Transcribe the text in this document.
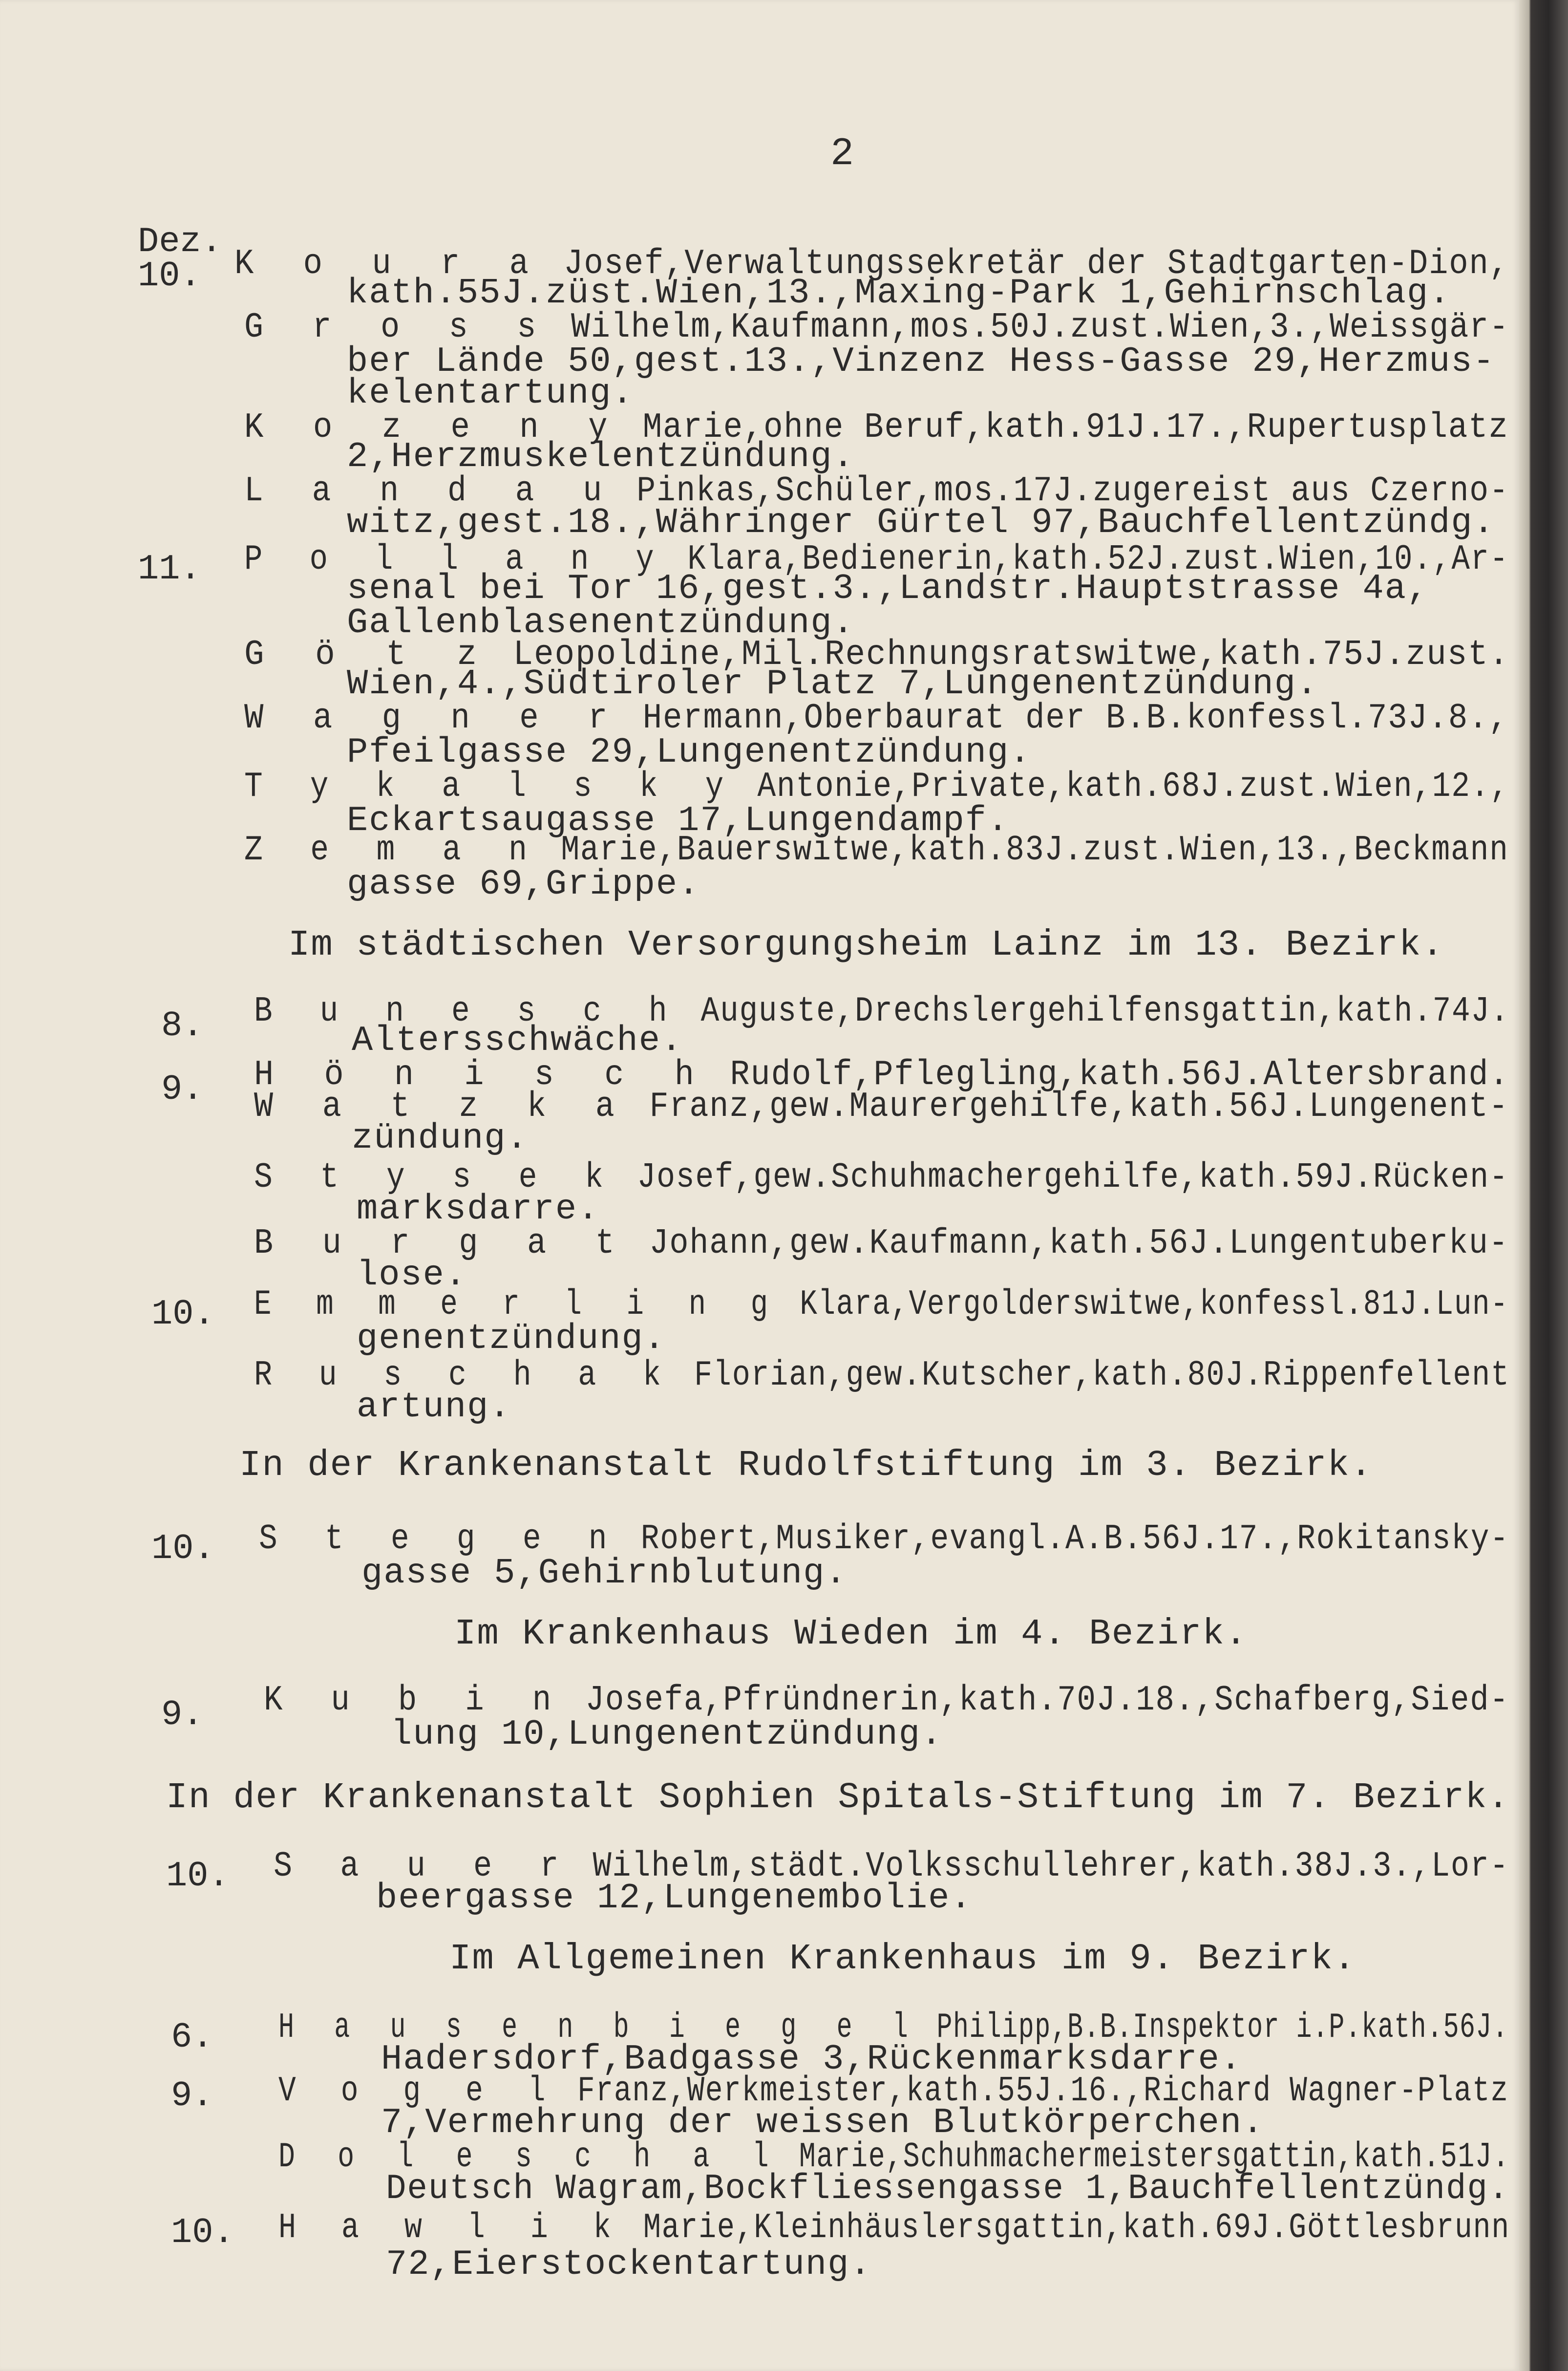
2
Dez.
10. K o u r a Josef,Verwaltungssekretär der Stadtgarten-Dion,
kath.55J.züst.Wien,13.,Maxing-Park 1,Gehirnschlag.
G r o s s Wilhelm,Kaufmann,mos.50J.zust.Wien,3.,Weissgär-
ber Lände 50,gest.13.,Vinzenz Hess-Gasse 29,Herzmus-
kelentartung.
K o z e n y Marie,ohne Beruf,kath.91J.17.,Rupertusplatz
2,Herzmuskelentzündung.
L a n d a u Pinkas,Schüler,mos.17J.zugereist aus Czerno-
witz,gest.18.,Währinger Gürtel 97,Bauchfellentzündg.
11. P o l l a n y Klara,Bedienerin,kath.52J.zust.Wien,10.,Ar-
senal bei Tor 16,gest.3.,Landstr.Hauptstrasse 4a,
Gallenblasenentzündung.
G ö t z Leopoldine,Mil.Rechnungsratswitwe,kath.75J.zust.
Wien,4.,Südtiroler Platz 7,Lungenentzündung.
W a g n e r Hermann,Oberbaurat der B.B.konfessl.73J.8.,
Pfeilgasse 29,Lungenentzündung.
T y k a l s k y Antonie,Private,kath.68J.zust.Wien,12.,
Eckartsaugasse 17,Lungendampf.
Z e m a n Marie,Bauerswitwe,kath.83J.zust.Wien,13.,Beckmann
gasse 69,Grippe.
Im städtischen Versorgungsheim Lainz im 13. Bezirk.
8. B u n e s c h Auguste,Drechslergehilfensgattin,kath.74J.
Altersschwäche.
9. H ö n i s c h Rudolf,Pflegling,kath.56J.Altersbrand.
W a t z k a Franz,gew.Maurergehilfe,kath.56J.Lungenent-
zündung.
S t y s e k Josef,gew.Schuhmachergehilfe,kath.59J.Rücken-
marksdarre.
B u r g a t Johann,gew.Kaufmann,kath.56J.Lungentuberku-
lose.
10. E m m e r l i n g Klara,Vergolderswitwe,konfessl.81J.Lun-
genentzündung.
R u s c h a k Florian,gew.Kutscher,kath.80J.Rippenfellent
artung.
In der Krankenanstalt Rudolfstiftung im 3. Bezirk.
10. S t e g e n Robert,Musiker,evangl.A.B.56J.17.,Rokitansky-
gasse 5,Gehirnblutung.
Im Krankenhaus Wieden im 4. Bezirk.
9. K u b i n Josefa,Pfründnerin,kath.70J.18.,Schafberg,Sied-
lung 10,Lungenentzündung.
In der Krankenanstalt Sophien Spitals-Stiftung im 7. Bezirk.
10. S a u e r Wilhelm,städt.Volksschullehrer,kath.38J.3.,Lor-
beergasse 12,Lungenembolie.
Im Allgemeinen Krankenhaus im 9. Bezirk.
6. H a u s e n b i e g e l Philipp,B.B.Inspektor i.P.kath.56J.
Hadersdorf,Badgasse 3,Rückenmarksdarre.
9. V o g e l Franz,Werkmeister,kath.55J.16.,Richard Wagner-Platz
7,Vermehrung der weissen Blutkörperchen.
D o l e s c h a l Marie,Schuhmachermeistersgattin,kath.51J.
Deutsch Wagram,Bockfliessengasse 1,Bauchfellentzündg.
10. H a w l i k Marie,Kleinhäuslersgattin,kath.69J.Göttlesbrunn
72,Eierstockentartung.
